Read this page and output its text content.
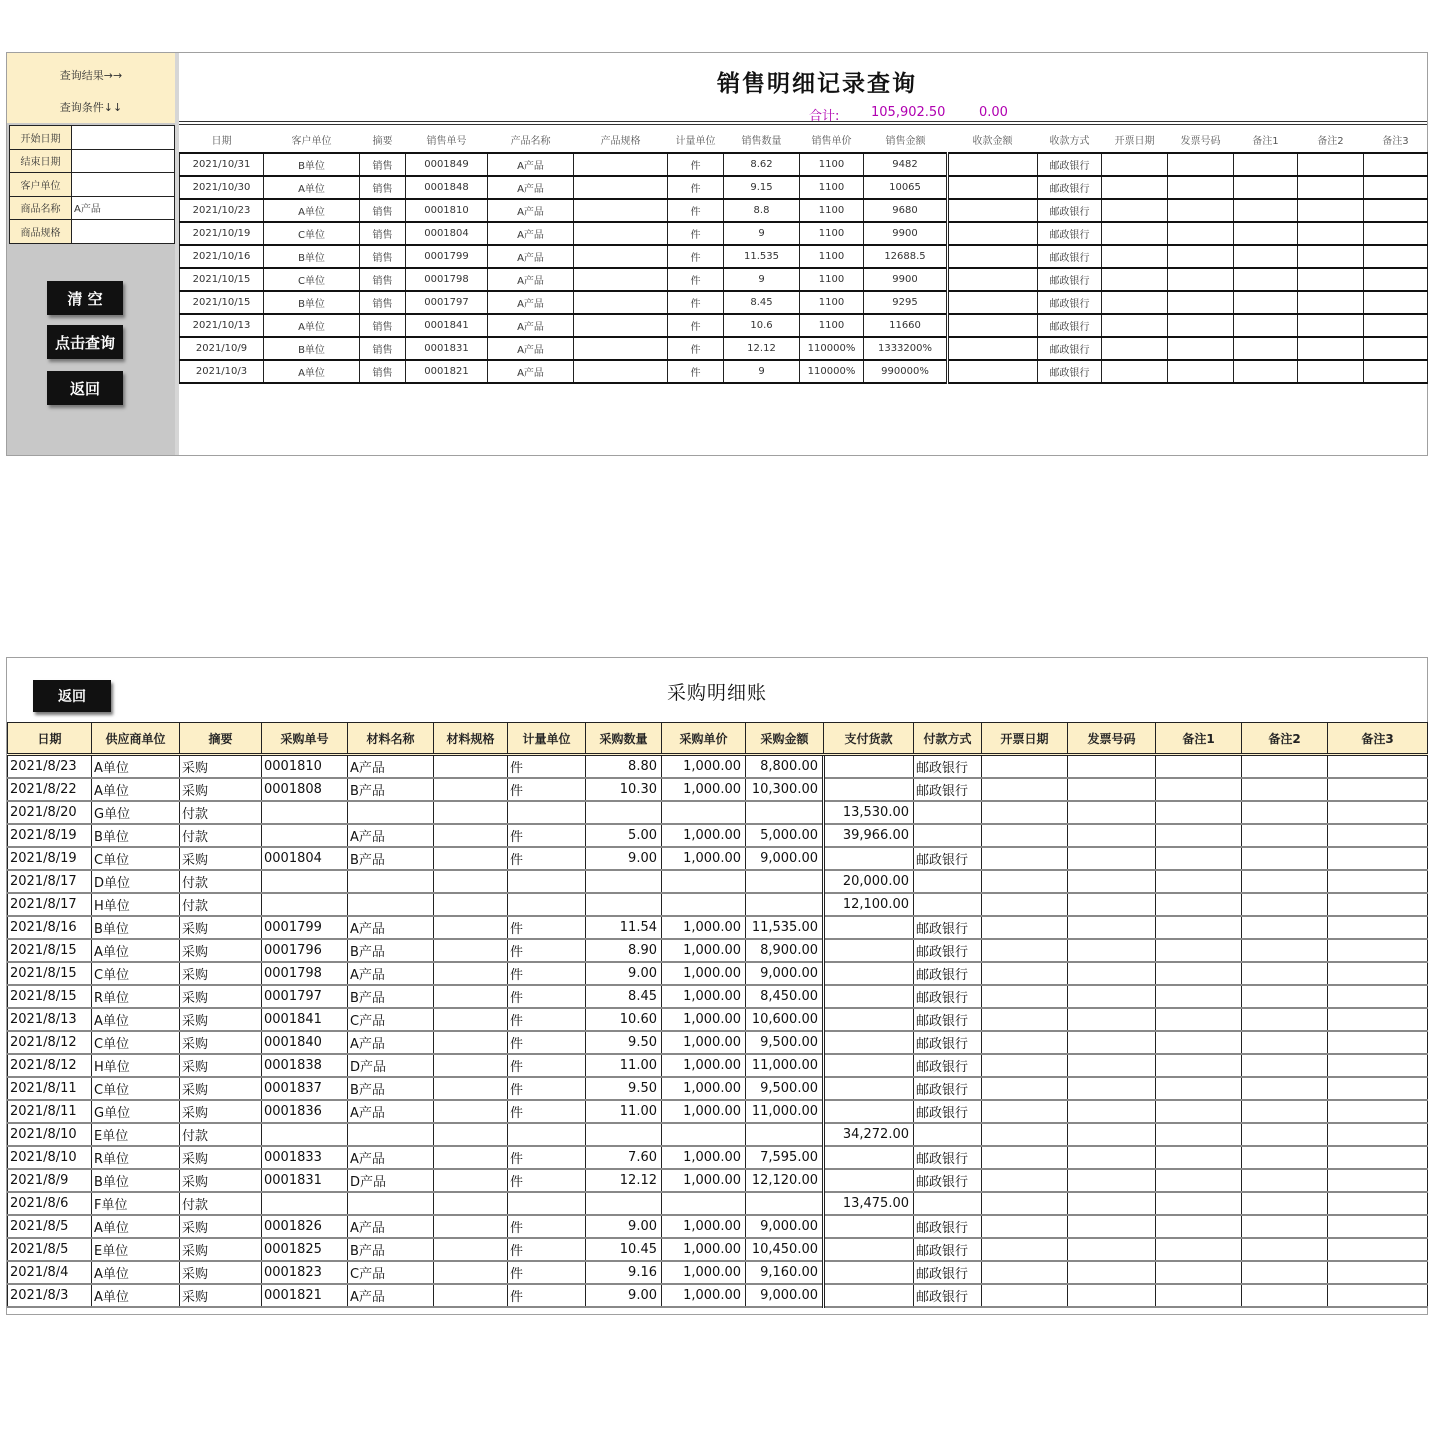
查询结果→→
查询条件↓↓
开始日期	
结束日期	
客户单位	
商品名称	A产品
商品规格	
清 空
点击查询
返回
销售明细记录查询
合计: 105,902.50	0.00
日期	客户单位	摘要	销售单号	产品名称	产品规格	计量单位	销售数量	销售单价	销售金额	收款金额	收款方式	开票日期	发票号码	备注1	备注2	备注3
2021/10/31	B单位	销售	0001849	A产品		件	8.62	1100	9482		邮政银行					
2021/10/30	A单位	销售	0001848	A产品		件	9.15	1100	10065		邮政银行					
2021/10/23	A单位	销售	0001810	A产品		件	8.8	1100	9680		邮政银行					
2021/10/19	C单位	销售	0001804	A产品		件	9	1100	9900		邮政银行					
2021/10/16	B单位	销售	0001799	A产品		件	11.535	1100	12688.5		邮政银行					
2021/10/15	C单位	销售	0001798	A产品		件	9	1100	9900		邮政银行					
2021/10/15	B单位	销售	0001797	A产品		件	8.45	1100	9295		邮政银行					
2021/10/13	A单位	销售	0001841	A产品		件	10.6	1100	11660		邮政银行					
2021/10/9	B单位	销售	0001831	A产品		件	12.12	110000%	1333200%		邮政银行					
2021/10/3	A单位	销售	0001821	A产品		件	9	110000%	990000%		邮政银行					
返回	采购明细账
日期	供应商单位	摘要	采购单号	材料名称	材料规格	计量单位	采购数量	采购单价	采购金额	支付货款	付款方式	开票日期	发票号码	备注1	备注2	备注3
2021/8/23	A单位	采购	0001810	A产品		件	8.80	1,000.00	8,800.00		邮政银行					
2021/8/22	A单位	采购	0001808	B产品		件	10.30	1,000.00	10,300.00		邮政银行					
2021/8/20	G单位	付款								13,530.00						
2021/8/19	B单位	付款		A产品		件	5.00	1,000.00	5,000.00	39,966.00						
2021/8/19	C单位	采购	0001804	B产品		件	9.00	1,000.00	9,000.00		邮政银行					
2021/8/17	D单位	付款								20,000.00						
2021/8/17	H单位	付款								12,100.00						
2021/8/16	B单位	采购	0001799	A产品		件	11.54	1,000.00	11,535.00		邮政银行					
2021/8/15	A单位	采购	0001796	B产品		件	8.90	1,000.00	8,900.00		邮政银行					
2021/8/15	C单位	采购	0001798	A产品		件	9.00	1,000.00	9,000.00		邮政银行					
2021/8/15	R单位	采购	0001797	B产品		件	8.45	1,000.00	8,450.00		邮政银行					
2021/8/13	A单位	采购	0001841	C产品		件	10.60	1,000.00	10,600.00		邮政银行					
2021/8/12	C单位	采购	0001840	A产品		件	9.50	1,000.00	9,500.00		邮政银行					
2021/8/12	H单位	采购	0001838	D产品		件	11.00	1,000.00	11,000.00		邮政银行					
2021/8/11	C单位	采购	0001837	B产品		件	9.50	1,000.00	9,500.00		邮政银行					
2021/8/11	G单位	采购	0001836	A产品		件	11.00	1,000.00	11,000.00		邮政银行					
2021/8/10	E单位	付款								34,272.00						
2021/8/10	R单位	采购	0001833	A产品		件	7.60	1,000.00	7,595.00		邮政银行					
2021/8/9	B单位	采购	0001831	D产品		件	12.12	1,000.00	12,120.00		邮政银行					
2021/8/6	F单位	付款								13,475.00						
2021/8/5	A单位	采购	0001826	A产品		件	9.00	1,000.00	9,000.00		邮政银行					
2021/8/5	E单位	采购	0001825	B产品		件	10.45	1,000.00	10,450.00		邮政银行					
2021/8/4	A单位	采购	0001823	C产品		件	9.16	1,000.00	9,160.00		邮政银行					
2021/8/3	A单位	采购	0001821	A产品		件	9.00	1,000.00	9,000.00		邮政银行					
